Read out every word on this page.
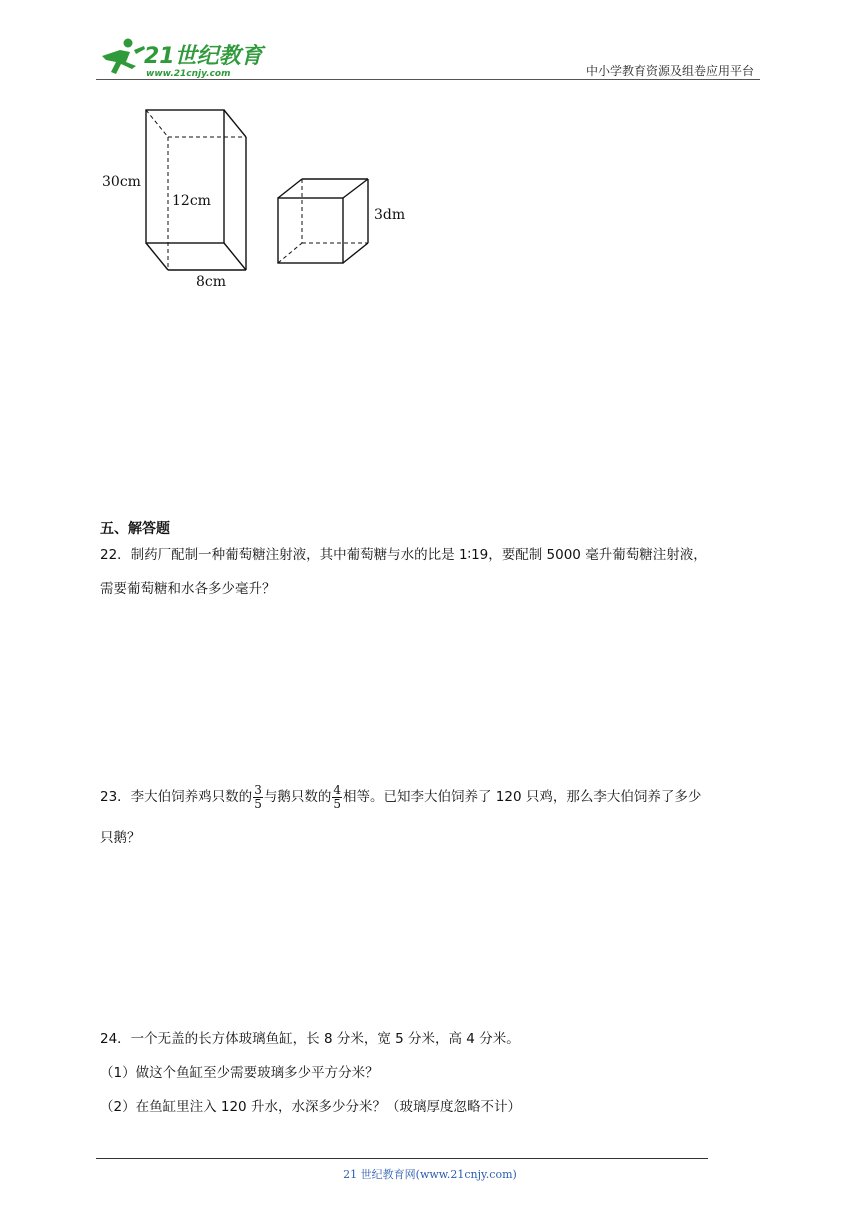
21世纪教育
www.21cnjy.com	中小学教育资源及组卷应用平台
30cm
12cm
8cm
3dm
五、解答题
22．制药厂配制一种葡萄糖注射液，其中葡萄糖与水的比是 1∶19，要配制 5000 毫升葡萄糖注射液，
需要葡萄糖和水各多少毫升？
23．李大伯饲养鸡只数的 $\frac{3}{5}$ 与鹅只数的 $\frac{4}{5}$ 相等。已知李大伯饲养了 120 只鸡，那么李大伯饲养了多少
只鹅？
24．一个无盖的长方体玻璃鱼缸，长 8 分米，宽 5 分米，高 4 分米。
（1）做这个鱼缸至少需要玻璃多少平方分米？
（2）在鱼缸里注入 120 升水，水深多少分米？（玻璃厚度忽略不计）
21 世纪教育网(www.21cnjy.com)
